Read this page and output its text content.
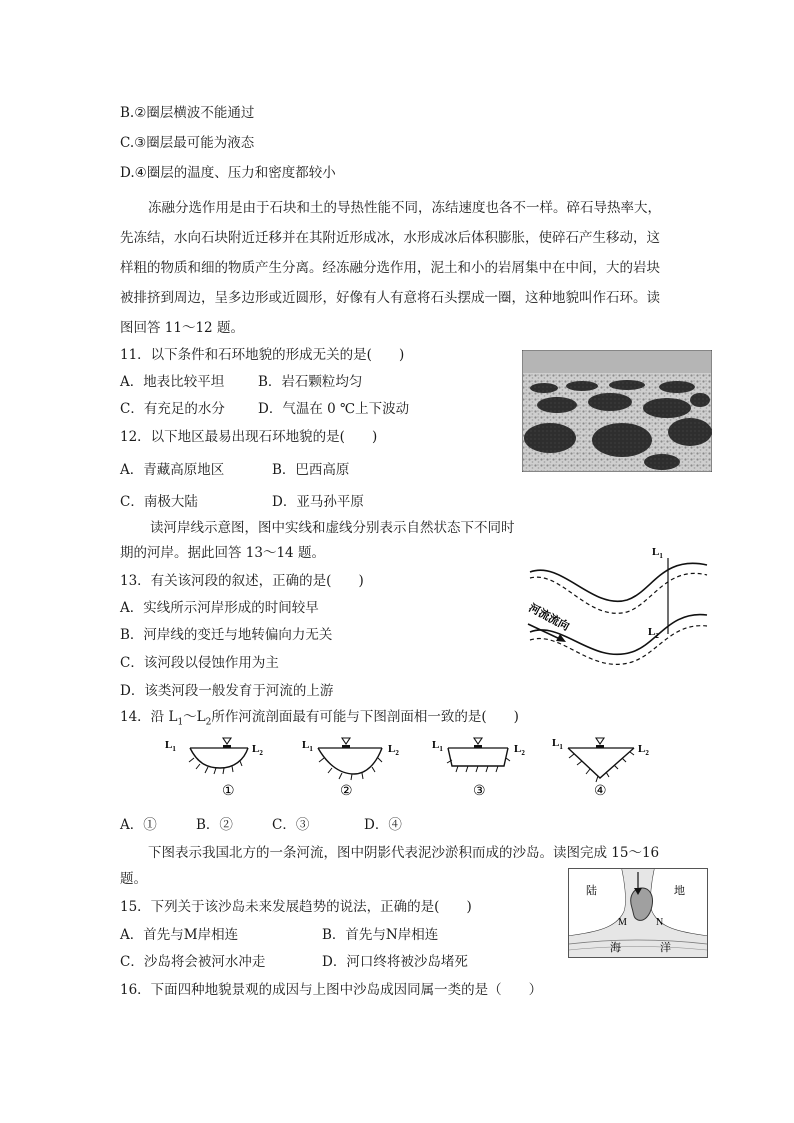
B.②圈层横波不能通过
C.③圈层最可能为液态
D.④圈层的温度、压力和密度都较小
冻融分选作用是由于石块和土的导热性能不同，冻结速度也各不一样。碎石导热率大，
先冻结，水向石块附近迁移并在其附近形成冰，水形成冰后体积膨胀，使碎石产生移动，这
样粗的物质和细的物质产生分离。经冻融分选作用，泥土和小的岩屑集中在中间，大的岩块
被排挤到周边，呈多边形或近圆形，好像有人有意将石头摆成一圈，这种地貌叫作石环。读
图回答 11～12 题。
11．以下条件和石环地貌的形成无关的是(　　)
A．地表比较平坦	B．岩石颗粒均匀
C．有充足的水分 D．气温在 0 ℃上下波动
12．以下地区最易出现石环地貌的是(　　)
A．青藏高原地区	B．巴西高原
C．南极大陆	D．亚马孙平原
读河岸线示意图，图中实线和虚线分别表示自然状态下不同时
期的河岸。据此回答 13～14 题。	$L_1$
$L_2$
河流流向
13．有关该河段的叙述，正确的是(　　)
A．实线所示河岸形成的时间较早
B．河岸线的变迁与地转偏向力无关
C．该河段以侵蚀作用为主
D．该类河段一般发育于河流的上游
14．沿 $L_1\sim L_2$所作河流剖面最有可能与下图剖面相一致的是(　　)
$L_1$	$L_2$
$L_1$	$L_2$
$L_1$	$L_2$
$L_1$	$L_2$
①	②	③	④
A．①	B．②	C．③	D．④
下图表示我国北方的一条河流，图中阴影代表泥沙淤积而成的沙岛。读图完成 15～16
题。
陆	地
M	N
海	洋
15．下列关于该沙岛未来发展趋势的说法，正确的是(　　)
A．首先与M岸相连	B．首先与N岸相连
C．沙岛将会被河水冲走	D．河口终将被沙岛堵死
16．下面四种地貌景观的成因与上图中沙岛成因同属一类的是（　　）
